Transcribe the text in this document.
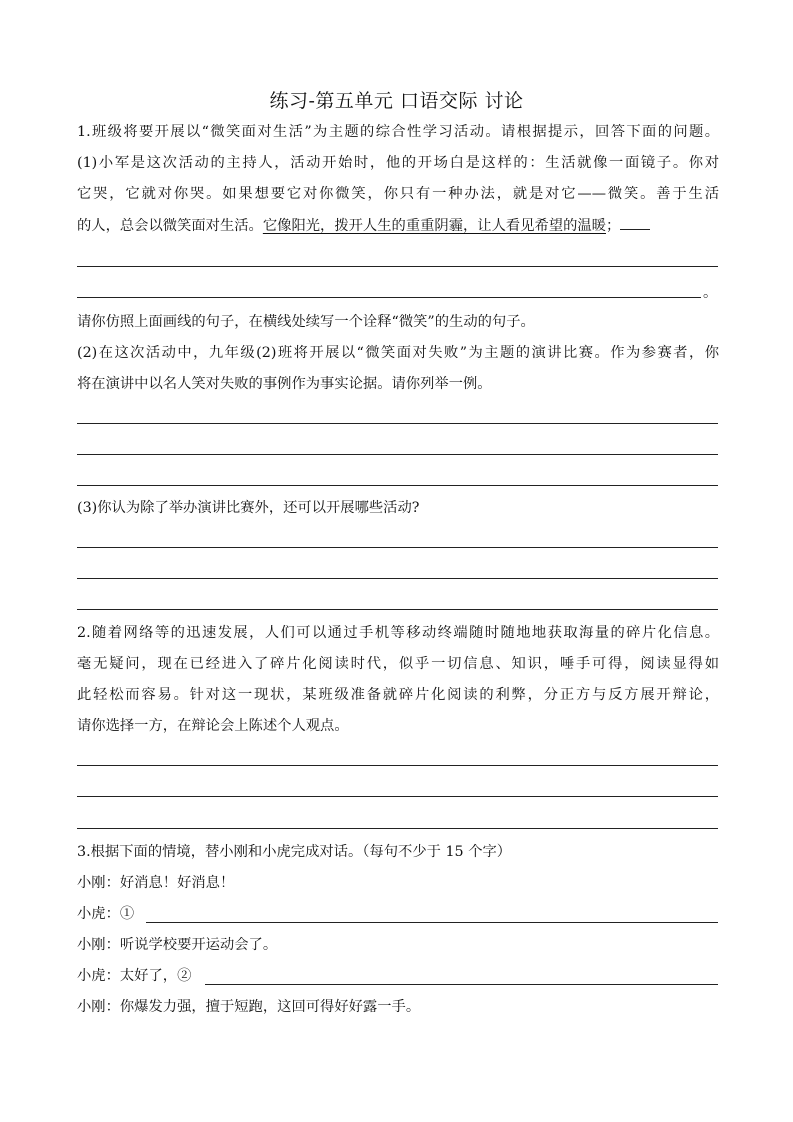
练习-第五单元 口语交际 讨论
1.班级将要开展以“微笑面对生活”为主题的综合性学习活动。请根据提示，回答下面的问题。
(1)小军是这次活动的主持人，活动开始时，他的开场白是这样的：生活就像一面镜子。你对
它哭，它就对你哭。如果想要它对你微笑，你只有一种办法，就是对它——微笑。善于生活
的人，总会以微笑面对生活。它像阳光，拨开人生的重重阴霾，让人看见希望的温暖；
。
请你仿照上面画线的句子，在横线处续写一个诠释“微笑”的生动的句子。
(2)在这次活动中，九年级(2)班将开展以“微笑面对失败”为主题的演讲比赛。作为参赛者，你
将在演讲中以名人笑对失败的事例作为事实论据。请你列举一例。
(3)你认为除了举办演讲比赛外，还可以开展哪些活动?
2.随着网络等的迅速发展，人们可以通过手机等移动终端随时随地地获取海量的碎片化信息。
毫无疑问，现在已经进入了碎片化阅读时代，似乎一切信息、知识，唾手可得，阅读显得如
此轻松而容易。针对这一现状，某班级准备就碎片化阅读的利弊，分正方与反方展开辩论，
请你选择一方，在辩论会上陈述个人观点。
3.根据下面的情境，替小刚和小虎完成对话。（每句不少于 15 个字）
小刚：好消息！好消息！
小虎：①
小刚：听说学校要开运动会了。
小虎：太好了，②
小刚：你爆发力强，擅于短跑，这回可得好好露一手。
